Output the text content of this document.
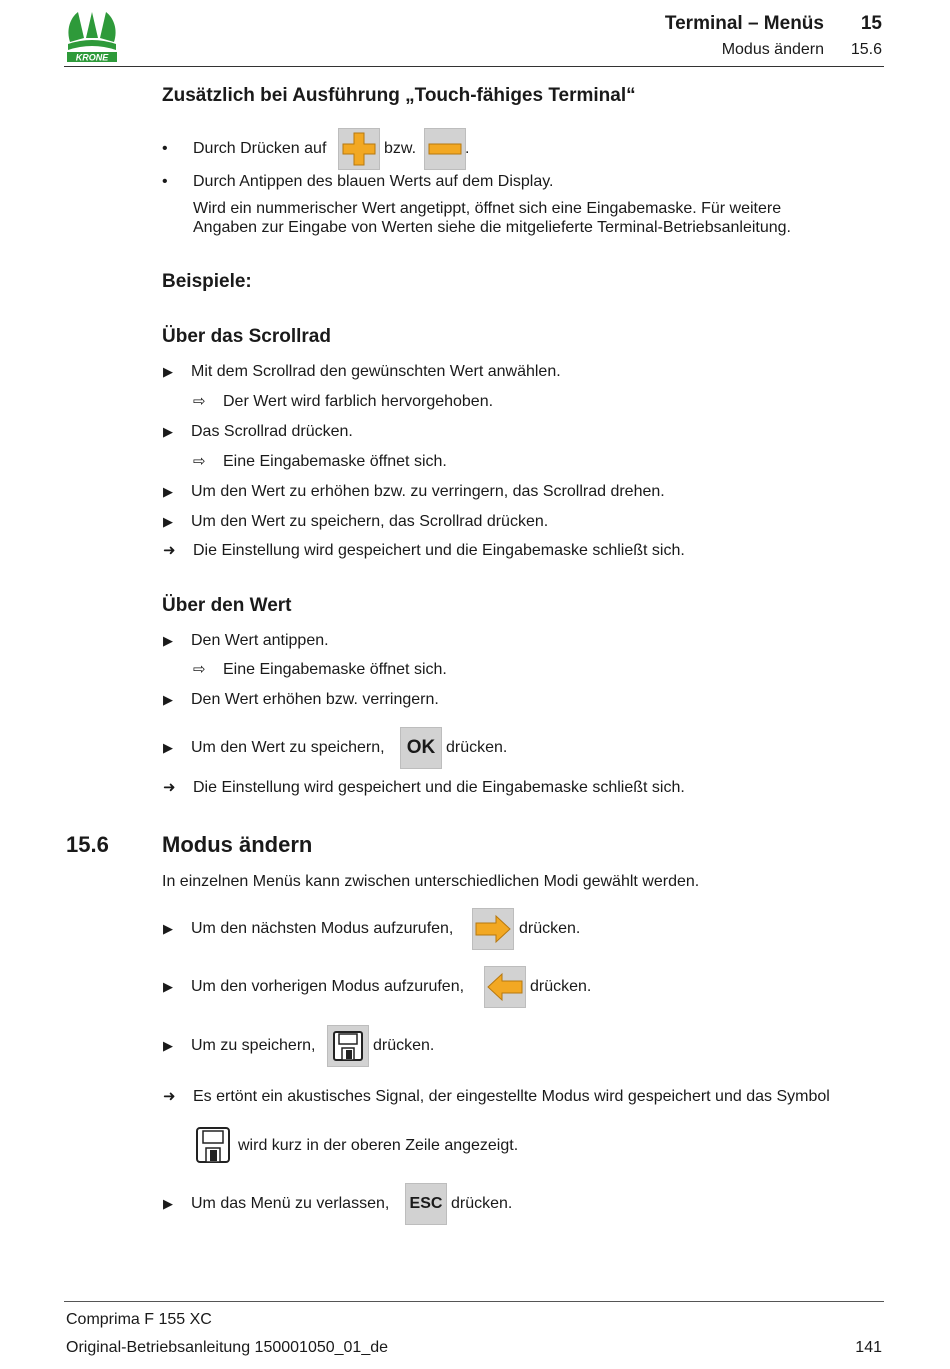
KRONE
Terminal – Menüs 15
Modus ändern 15.6
Zusätzlich bei Ausführung „Touch-fähiges Terminal“
• Durch Drücken auf	bzw.	.
• Durch Antippen des blauen Werts auf dem Display.
Wird ein nummerischer Wert angetippt, öffnet sich eine Eingabemaske. Für weitere
Angaben zur Eingabe von Werten siehe die mitgelieferte Terminal-Betriebsanleitung.
Beispiele:
Über das Scrollrad
▶ Mit dem Scrollrad den gewünschten Wert anwählen.
⇨ Der Wert wird farblich hervorgehoben.
▶ Das Scrollrad drücken.
⇨ Eine Eingabemaske öffnet sich.
▶ Um den Wert zu erhöhen bzw. zu verringern, das Scrollrad drehen.
▶ Um den Wert zu speichern, das Scrollrad drücken.
➜ Die Einstellung wird gespeichert und die Eingabemaske schließt sich.
Über den Wert
▶ Den Wert antippen.
⇨ Eine Eingabemaske öffnet sich.
▶ Den Wert erhöhen bzw. verringern.
▶ Um den Wert zu speichern,	OK drücken.
➜ Die Einstellung wird gespeichert und die Eingabemaske schließt sich.
15.6 Modus ändern
In einzelnen Menüs kann zwischen unterschiedlichen Modi gewählt werden.
▶ Um den nächsten Modus aufzurufen,	drücken.
▶ Um den vorherigen Modus aufzurufen,	drücken.
▶ Um zu speichern,	drücken.
➜ Es ertönt ein akustisches Signal, der eingestellte Modus wird gespeichert und das Symbol
wird kurz in der oberen Zeile angezeigt.
▶ Um das Menü zu verlassen, ESC drücken.
Comprima F 155 XC
Original-Betriebsanleitung 150001050_01_de	141
